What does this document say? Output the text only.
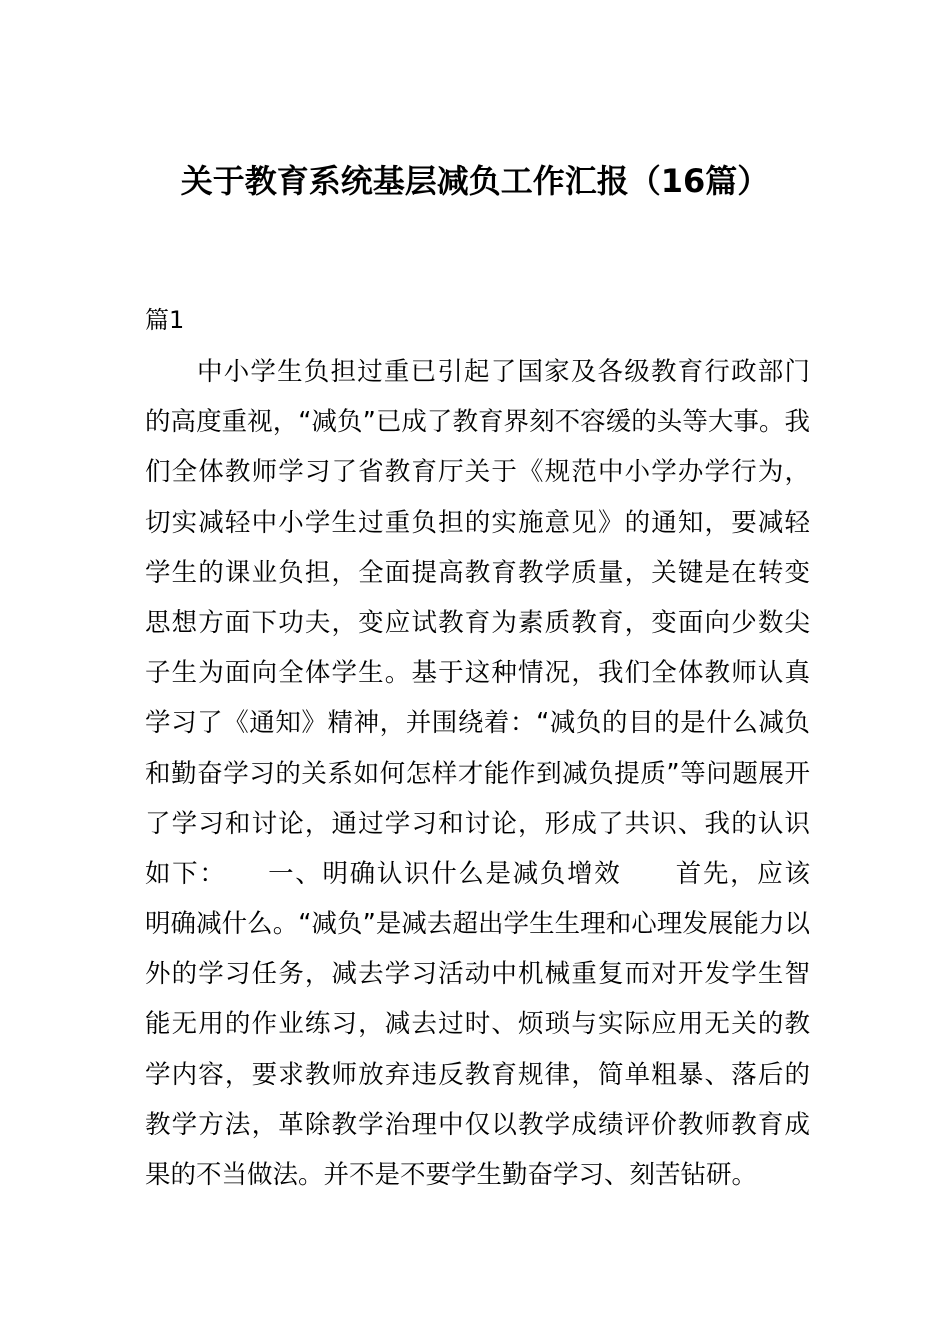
关于教育系统基层减负工作汇报（16篇）
篇1
中小学生负担过重已引起了国家及各级教育行政部门
的高度重视，“减负”已成了教育界刻不容缓的头等大事。我
们全体教师学习了省教育厅关于《规范中小学办学行为，
切实减轻中小学生过重负担的实施意见》的通知，要减轻
学生的课业负担，全面提高教育教学质量，关键是在转变
思想方面下功夫，变应试教育为素质教育，变面向少数尖
子生为面向全体学生。基于这种情况，我们全体教师认真
学习了《通知》精神，并围绕着：“减负的目的是什么减负
和勤奋学习的关系如何怎样才能作到减负提质”等问题展开
了学习和讨论，通过学习和讨论，形成了共识、我的认识
如下：　　一、明确认识什么是减负增效　　首先，应该
明确减什么。“减负”是减去超出学生生理和心理发展能力以
外的学习任务，减去学习活动中机械重复而对开发学生智
能无用的作业练习，减去过时、烦琐与实际应用无关的教
学内容，要求教师放弃违反教育规律，简单粗暴、落后的
教学方法，革除教学治理中仅以教学成绩评价教师教育成
果的不当做法。并不是不要学生勤奋学习、刻苦钻研。
